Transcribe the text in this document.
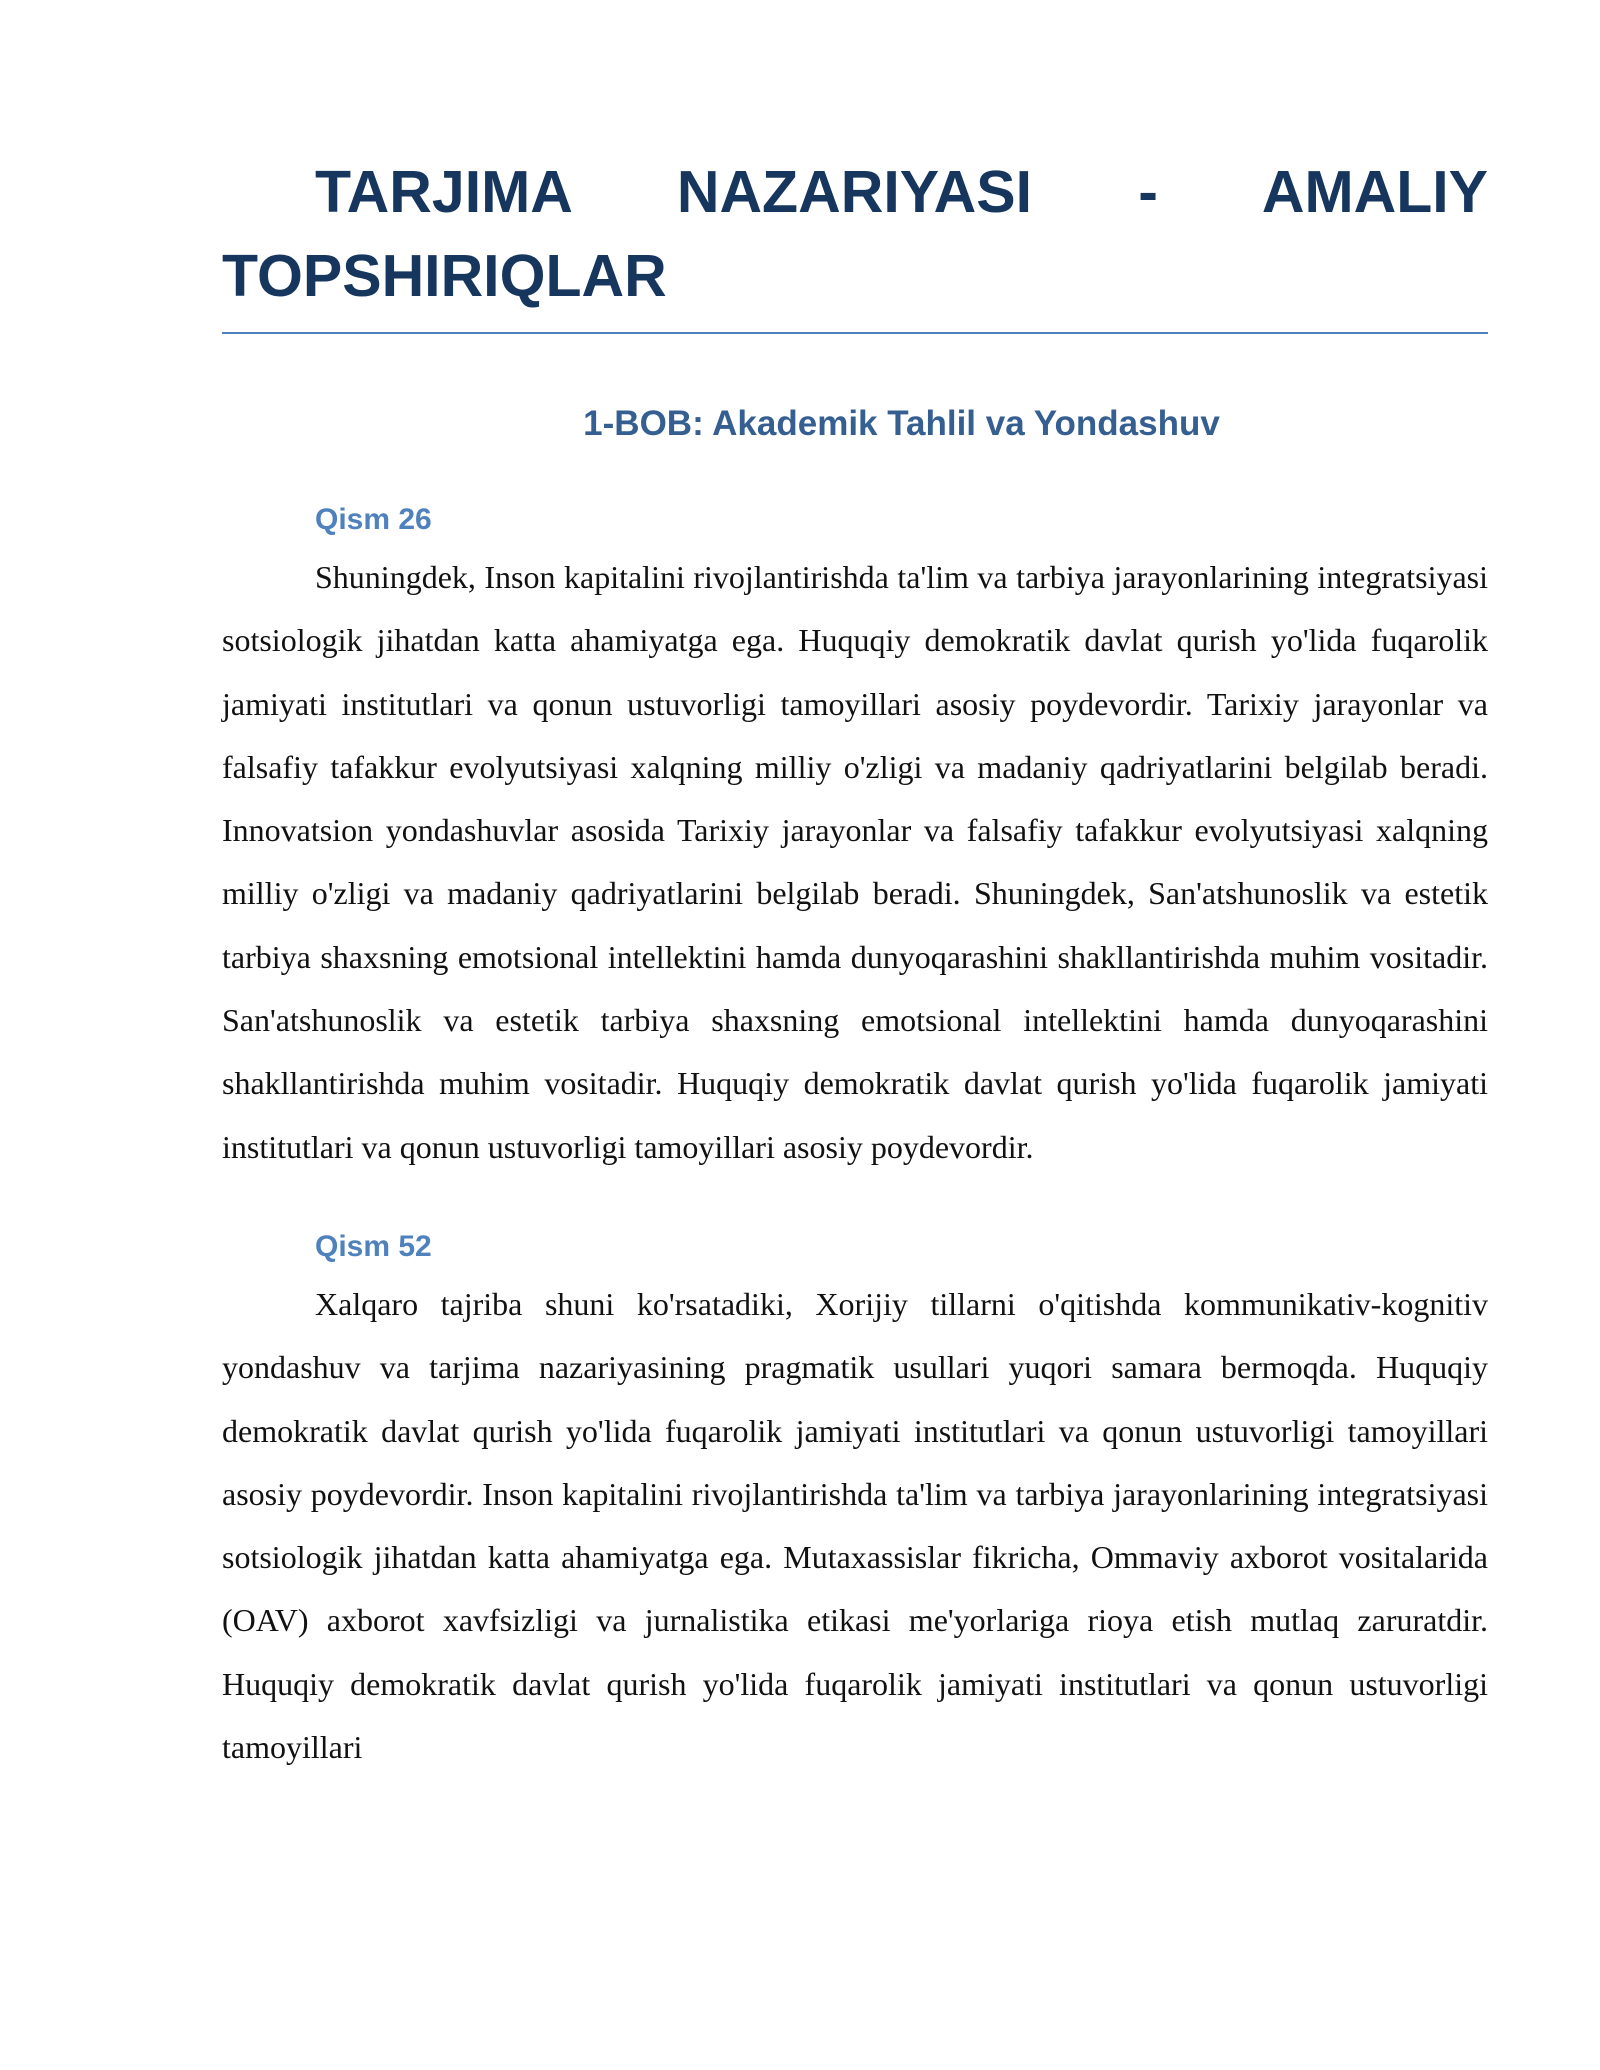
TARJIMA NAZARIYASI - AMALIY TOPSHIRIQLAR
1-BOB: Akademik Tahlil va Yondashuv
Qism 26

Shuningdek, Inson kapitalini rivojlantirishda ta'lim va tarbiya jarayonlarining integratsiyasi sotsiologik jihatdan katta ahamiyatga ega. Huquqiy demokratik davlat qurish yo'lida fuqarolik jamiyati institutlari va qonun ustuvorligi tamoyillari asosiy poydevordir. Tarixiy jarayonlar va falsafiy tafakkur evolyutsiyasi xalqning milliy o'zligi va madaniy qadriyatlarini belgilab beradi. Innovatsion yondashuvlar asosida Tarixiy jarayonlar va falsafiy tafakkur evolyutsiyasi xalqning milliy o'zligi va madaniy qadriyatlarini belgilab beradi. Shuningdek, San'atshunoslik va estetik tarbiya shaxsning emotsional intellektini hamda dunyoqarashini shakllantirishda muhim vositadir. San'atshunoslik va estetik tarbiya shaxsning emotsional intellektini hamda dunyoqarashini shakllantirishda muhim vositadir. Huquqiy demokratik davlat qurish yo'lida fuqarolik jamiyati institutlari va qonun ustuvorligi tamoyillari asosiy poydevordir.

Qism 52

Xalqaro tajriba shuni ko'rsatadiki, Xorijiy tillarni o'qitishda kommunikativ-kognitiv yondashuv va tarjima nazariyasining pragmatik usullari yuqori samara bermoqda. Huquqiy demokratik davlat qurish yo'lida fuqarolik jamiyati institutlari va qonun ustuvorligi tamoyillari asosiy poydevordir. Inson kapitalini rivojlantirishda ta'lim va tarbiya jarayonlarining integratsiyasi sotsiologik jihatdan katta ahamiyatga ega. Mutaxassislar fikricha, Ommaviy axborot vositalarida (OAV) axborot xavfsizligi va jurnalistika etikasi me'yorlariga rioya etish mutlaq zaruratdir. Huquqiy demokratik davlat qurish yo'lida fuqarolik jamiyati institutlari va qonun ustuvorligi tamoyillari
